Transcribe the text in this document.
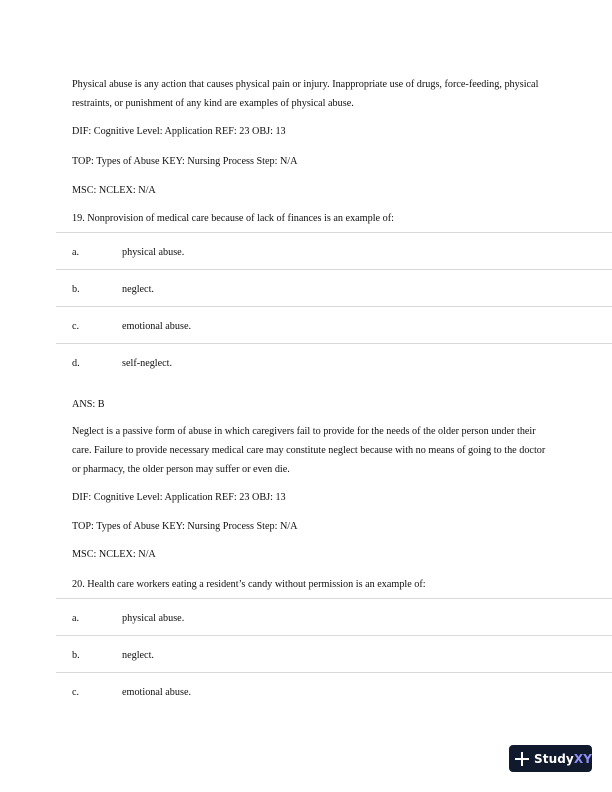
Physical abuse is any action that causes physical pain or injury. Inappropriate use of drugs, force-feeding, physical restraints, or punishment of any kind are examples of physical abuse.

DIF: Cognitive Level: Application REF: 23 OBJ: 13
TOP: Types of Abuse KEY: Nursing Process Step: N/A
MSC: NCLEX: N/A
19. Nonprovision of medical care because of lack of finances is an example of:
a.	physical abuse.
b.	neglect.
c.	emotional abuse.
d.	self-neglect.
ANS: B

Neglect is a passive form of abuse in which caregivers fail to provide for the needs of the older person under their care. Failure to provide necessary medical care may constitute neglect because with no means of going to the doctor or pharmacy, the older person may suffer or even die.

DIF: Cognitive Level: Application REF: 23 OBJ: 13
TOP: Types of Abuse KEY: Nursing Process Step: N/A
MSC: NCLEX: N/A
20. Health care workers eating a resident’s candy without permission is an example of:
a.	physical abuse.
b.	neglect.
c.	emotional abuse.
StudyXY
